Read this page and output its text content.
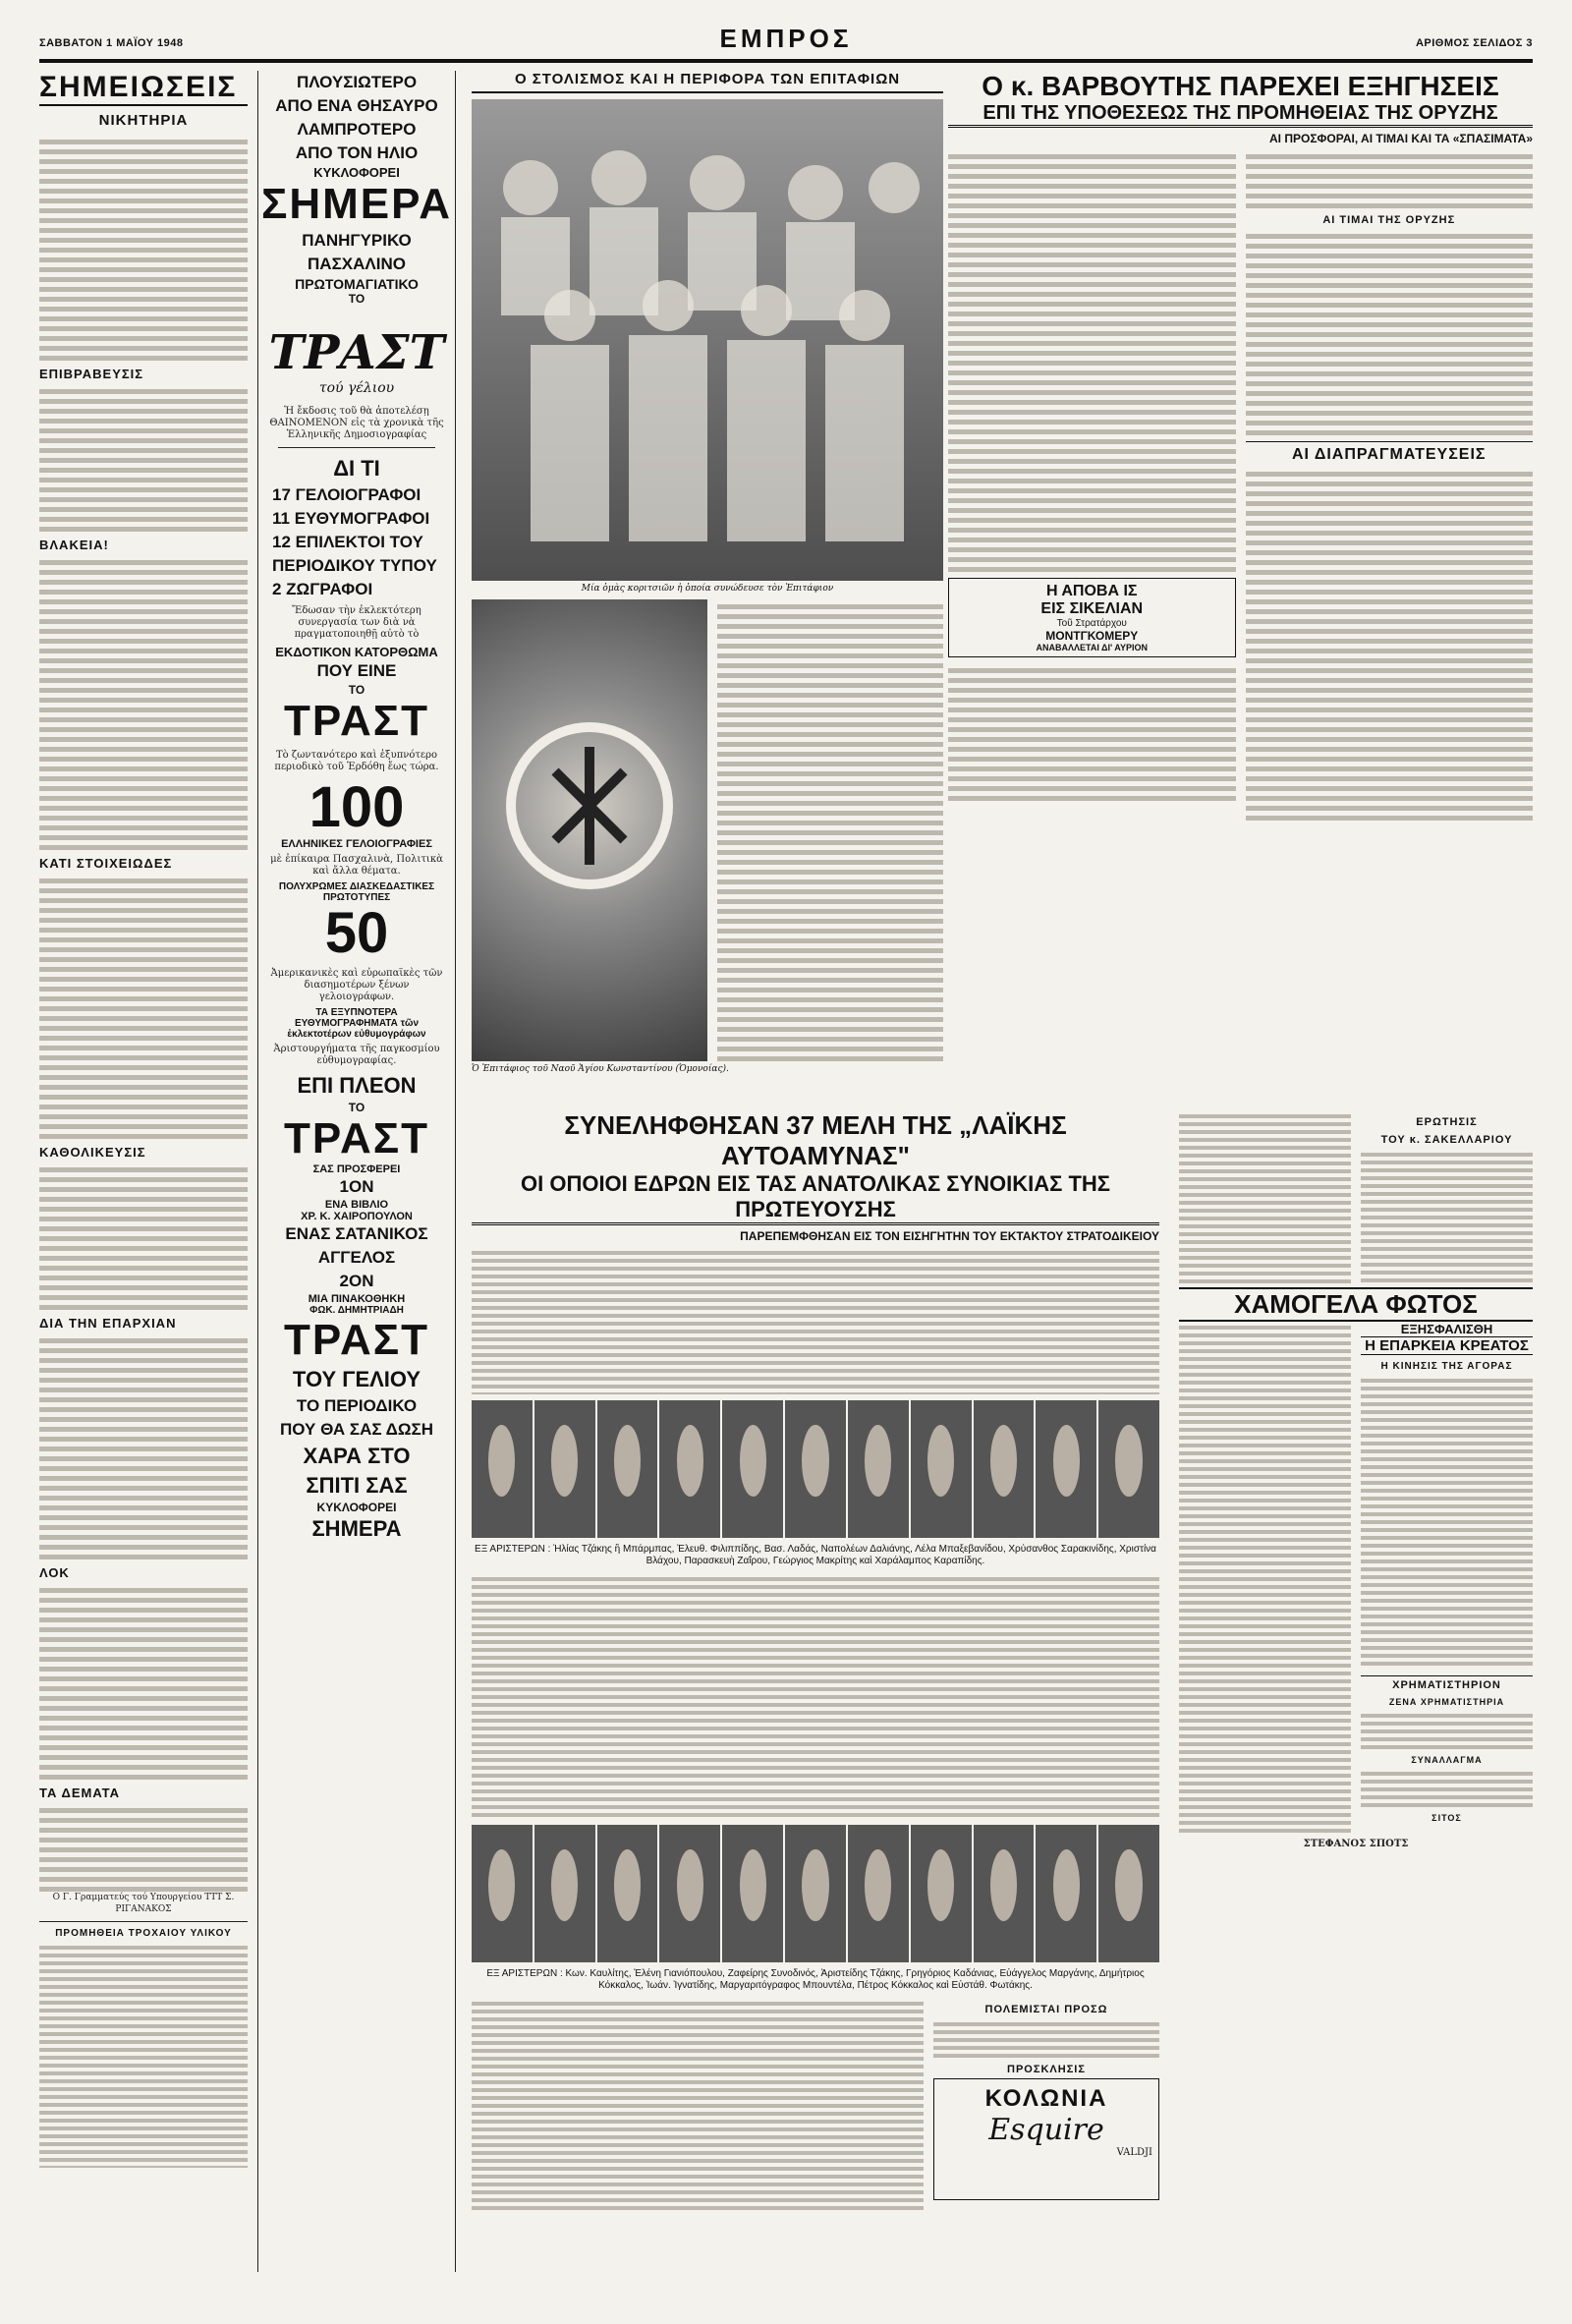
ΣΑΒΒΑΤΟΝ 1 ΜΑΪΟΥ 1948	ΕΜΠΡΟΣ	ΑΡΙΘΜΟΣ ΣΕΛΙΔΟΣ 3
ΣΗΜΕΙΩΣΕΙΣ
ΝΙΚΗΤΗΡΙΑ
ΕΠΙΒΡΑΒΕΥΣΙΣ
ΒΛΑΚΕΙΑ!
ΚΑΤΙ ΣΤΟΙΧΕΙΩΔΕΣ
ΚΑΘΟΛΙΚΕΥΣΙΣ
ΔΙΑ ΤΗΝ ΕΠΑΡΧΙΑΝ
ΛΟΚ
ΤΑ ΔΕΜΑΤΑ
Ο Γ. Γραμματεύς τού Υπουργείου ΤΤΤ Σ. ΡΙΓΑΝΑΚΟΣ
ΠΡΟΜΗΘΕΙΑ ΤΡΟΧΑΙΟΥ ΥΛΙΚΟΥ
ΠΛΟΥΣΙΩΤΕΡΟ
ΑΠΟ ΕΝΑ ΘΗΣΑΥΡΟ
ΛΑΜΠΡΟΤΕΡΟ
ΑΠΟ ΤΟΝ ΗΛΙΟ
ΚΥΚΛΟΦΟΡΕΙ
ΣΗΜΕΡΑ
ΠΑΝΗΓΥΡΙΚΟ
ΠΑΣΧΑΛΙΝΟ
ΠΡΩΤΟΜΑΓΙΑΤΙΚΟ
ΤΟ
ΤΡΑΣΤ
τού γέλιου
Ἡ ἔκδοσις τοῦ θὰ ἀποτελέσῃ ΘΑΙΝΟΜΕΝΟΝ εἰς τὰ χρονικὰ τῆς Ἑλληνικῆς Δημοσιογραφίας
ΔΙ ΤΙ
17 ΓΕΛΟΙΟΓΡΑΦΟΙ
11 ΕΥΘΥΜΟΓΡΑΦΟΙ
12 ΕΠΙΛΕΚΤΟΙ ΤΟΥ
ΠΕΡΙΟΔΙΚΟΥ ΤΥΠΟΥ
2 ΖΩΓΡΑΦΟΙ
Ἔδωσαν τὴν ἐκλεκτότερη συνεργασία των διὰ νὰ πραγματοποιηθῇ αὐτὸ τὸ
ΕΚΔΟΤΙΚΟΝ ΚΑΤΟΡΘΩΜΑ
ΠΟΥ ΕΙΝΕ
ΤΟ
ΤΡΑΣΤ
Τὸ ζωντανότερο καὶ ἐξυπνότερο περιοδικὸ τοῦ Ἐρδόθη ἔως τώρα.
100
ΕΛΛΗΝΙΚΕΣ ΓΕΛΟΙΟΓΡΑΦΙΕΣ
μὲ ἐπίκαιρα Πασχαλινὰ, Πολιτικὰ καὶ ἄλλα θέματα.
ΠΟΛΥΧΡΩΜΕΣ ΔΙΑΣΚΕΔΑΣΤΙΚΕΣ ΠΡΩΤΟΤΥΠΕΣ
50
Ἀμερικανικὲς καὶ εὐρωπαϊκὲς τῶν διασημοτέρων ξένων γελοιογράφων.
ΤΑ ΕΞΥΠΝΟΤΕΡΑ ΕΥΘΥΜΟΓΡΑΦΗΜΑΤΑ τῶν ἐκλεκτοτέρων εὐθυμογράφων
Ἀριστουργήματα τῆς παγκοσμίου εὐθυμογραφίας.
ΕΠΙ ΠΛΕΟΝ
ΤΟ
ΤΡΑΣΤ
ΣΑΣ ΠΡΟΣΦΕΡΕΙ
1ΟΝ
ΕΝΑ ΒΙΒΛΙΟ
ΧΡ. Κ. ΧΑΙΡΟΠΟΥΛΟΝ
ΕΝΑΣ ΣΑΤΑΝΙΚΟΣ ΑΓΓΕΛΟΣ
2ΟΝ
ΜΙΑ ΠΙΝΑΚΟΘΗΚΗ
ΦΩΚ. ΔΗΜΗΤΡΙΑΔΗ
ΤΡΑΣΤ
ΤΟΥ ΓΕΛΙΟΥ
ΤΟ ΠΕΡΙΟΔΙΚΟ
ΠΟΥ ΘΑ ΣΑΣ ΔΩΣΗ
ΧΑΡΑ ΣΤΟ
ΣΠΙΤΙ ΣΑΣ
ΚΥΚΛΟΦΟΡΕΙ
ΣΗΜΕΡΑ
Ο ΣΤΟΛΙΣΜΟΣ ΚΑΙ Η ΠΕΡΙΦΟΡΑ ΤΩΝ ΕΠΙΤΑΦΙΩΝ
Μία ὁμὰς κοριτσιῶν ἡ ὁποία συνώδευσε τὸν Ἐπιτάφιον
Ὁ Ἐπιτάφιος τοῦ Ναοῦ Ἁγίου Κωνσταντίνου (Ὁμονοίας).
Ο κ. ΒΑΡΒΟΥΤΗΣ ΠΑΡΕΧΕΙ ΕΞΗΓΗΣΕΙΣ
ΕΠΙ ΤΗΣ ΥΠΟΘΕΣΕΩΣ ΤΗΣ ΠΡΟΜΗΘΕΙΑΣ ΤΗΣ ΟΡΥΖΗΣ
ΑΙ ΠΡΟΣΦΟΡΑΙ, ΑΙ ΤΙΜΑΙ ΚΑΙ ΤΑ «ΣΠΑΣΙΜΑΤΑ»
Η ΑΠΟΒΑ ΙΣ
ΕΙΣ ΣΙΚΕΛΙΑΝ
Τοῦ Στρατάρχου
ΜΟΝΤΓΚΟΜΕΡΥ
ΑΝΑΒΑΛΛΕΤΑΙ ΔΙ' ΑΥΡΙΟΝ
ΑΙ ΤΙΜΑΙ ΤΗΣ ΟΡΥΖΗΣ
ΑΙ ΔΙΑΠΡΑΓΜΑΤΕΥΣΕΙΣ
ΣΥΝΕΛΗΦΘΗΣΑΝ 37 ΜΕΛΗ ΤΗΣ „ΛΑΪΚΗΣ ΑΥΤΟΑΜΥΝΑΣ"
ΟΙ ΟΠΟΙΟΙ ΕΔΡΩΝ ΕΙΣ ΤΑΣ ΑΝΑΤΟΛΙΚΑΣ ΣΥΝΟΙΚΙΑΣ ΤΗΣ ΠΡΩΤΕΥΟΥΣΗΣ
ΠΑΡΕΠΕΜΦΘΗΣΑΝ ΕΙΣ ΤΟΝ ΕΙΣΗΓΗΤΗΝ ΤΟΥ ΕΚΤΑΚΤΟΥ ΣΤΡΑΤΟΔΙΚΕΙΟΥ
ΕΞ ΑΡΙΣΤΕΡΩΝ : Ἡλίας Τζάκης ἢ Μπάρμπας, Ἐλευθ. Φιλιππίδης, Βασ. Λαδάς, Ναπολέων Δαλιάνης, Λέλα Μπαξεβανίδου, Χρύσανθος Σαρακινίδης, Χριστίνα Βλάχου, Παρασκευὴ Ζαΐρου, Γεώργιος Μακρίτης καὶ Χαράλαμπος Καραπίδης.
ΕΞ ΑΡΙΣΤΕΡΩΝ : Κων. Καυλίτης, Ἑλένη Γιανιόπουλου, Ζαφείρης Συνοδινός, Ἀριστείδης Τζάκης, Γρηγόριος Καδάνιας, Εὐάγγελος Μαργάνης, Δημήτριος Κόκκαλος, Ἰωάν. Ἰγνατίδης, Μαργαριτόγραφος Μπουντέλα, Πέτρος Κόκκαλος καὶ Εὐστάθ. Φωτάκης.
ΠΟΛΕΜΙΣΤΑΙ ΠΡΟΣΩ
ΠΡΟΣΚΛΗΣΙΣ
ΚΟΛΩΝΙΑ
Esquire
VALDJI
ΕΡΩΤΗΣΙΣ
ΤΟΥ κ. ΣΑΚΕΛΛΑΡΙΟΥ
ΧΑΜΟΓΕΛΑ ΦΩΤΟΣ
ΕΞΗΣΦΑΛΙΣΘΗ
Η ΕΠΑΡΚΕΙΑ ΚΡΕΑΤΟΣ
Η ΚΙΝΗΣΙΣ ΤΗΣ ΑΓΟΡΑΣ
ΧΡΗΜΑΤΙΣΤΗΡΙΟΝ
ΖΕΝΑ ΧΡΗΜΑΤΙΣΤΗΡΙΑ
ΣΥΝΑΛΛΑΓΜΑ
ΣΙΤΟΣ
ΣΤΕΦΑΝΟΣ ΣΠΟΤΣ
